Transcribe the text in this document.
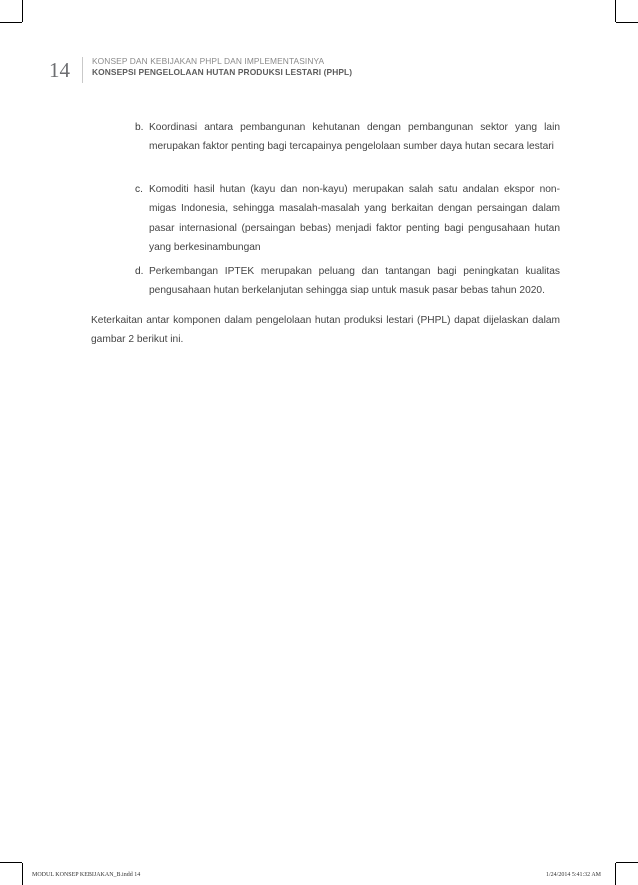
14	KONSEP DAN KEBIJAKAN PHPL DAN IMPLEMENTASINYA
KONSEPSI PENGELOLAAN HUTAN PRODUKSI LESTARI (PHPL)
b. Koordinasi antara pembangunan kehutanan dengan pembangunan sektor yang lain merupakan faktor penting bagi tercapainya pengelolaan sumber daya hutan secara lestari
c. Komoditi hasil hutan (kayu dan non-kayu) merupakan salah satu andalan ekspor non-migas Indonesia, sehingga masalah-masalah yang berkaitan dengan persaingan dalam pasar internasional (persaingan bebas) menjadi faktor penting bagi pengusahaan hutan yang berkesinambungan
d. Perkembangan IPTEK merupakan peluang dan tantangan bagi peningkatan kualitas pengusahaan hutan berkelanjutan sehingga siap untuk masuk pasar bebas tahun 2020.
Keterkaitan antar komponen dalam pengelolaan hutan produksi lestari (PHPL) dapat dijelaskan dalam gambar 2 berikut ini.
MODUL KONSEP KEBIJAKAN_B.indd 14	1/24/2014 5:41:32 AM
